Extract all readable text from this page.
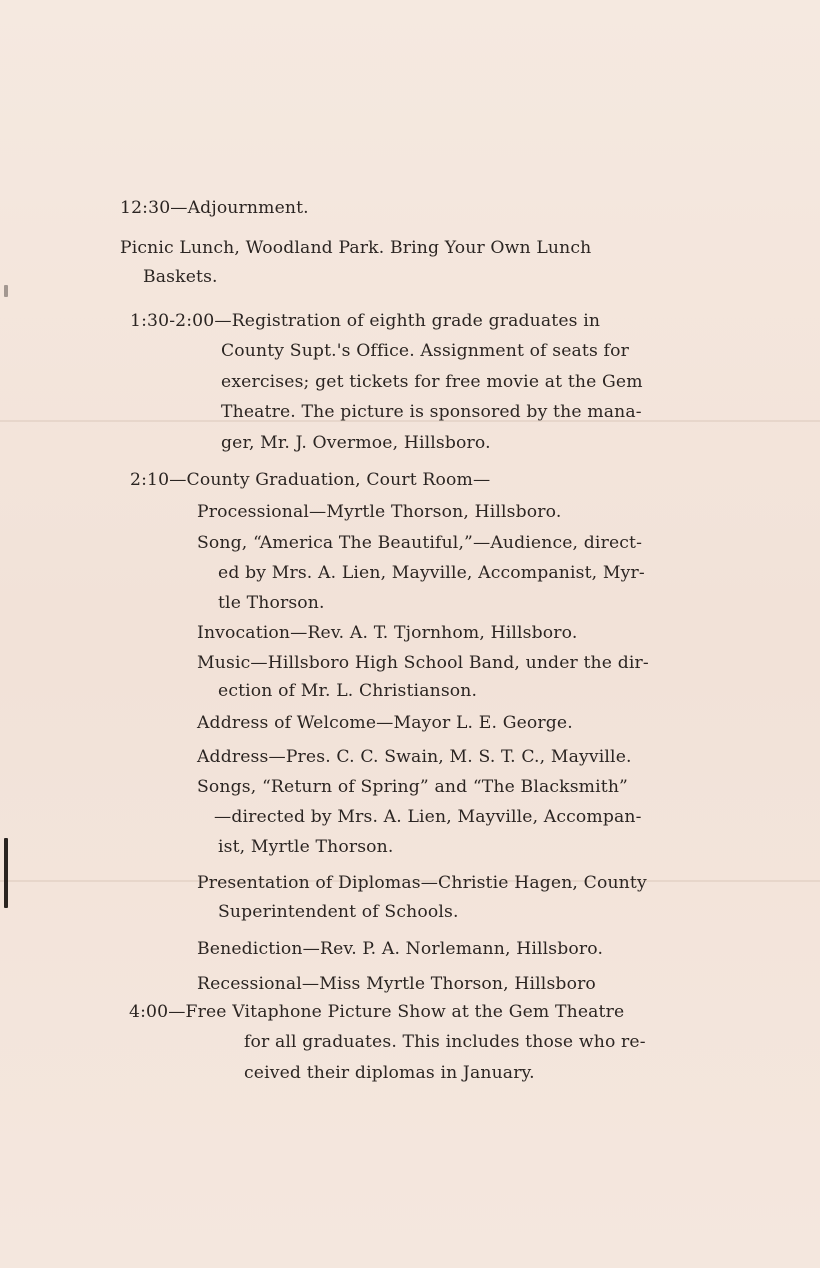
12:30—Adjournment.
Picnic Lunch, Woodland Park. Bring Your Own Lunch
Baskets.
1:30-2:00—Registration of eighth grade graduates in
County Supt.'s Office. Assignment of seats for
exercises; get tickets for free movie at the Gem
Theatre. The picture is sponsored by the mana-
ger, Mr. J. Overmoe, Hillsboro.
2:10—County Graduation, Court Room—
Processional—Myrtle Thorson, Hillsboro.
Song, “America The Beautiful,”—Audience, direct-
ed by Mrs. A. Lien, Mayville, Accompanist, Myr-
tle Thorson.
Invocation—Rev. A. T. Tjornhom, Hillsboro.
Music—Hillsboro High School Band, under the dir-
ection of Mr. L. Christianson.
Address of Welcome—Mayor L. E. George.
Address—Pres. C. C. Swain, M. S. T. C., Mayville.
Songs, “Return of Spring” and “The Blacksmith”
—directed by Mrs. A. Lien, Mayville, Accompan-
ist, Myrtle Thorson.
Presentation of Diplomas—Christie Hagen, County
Superintendent of Schools.
Benediction—Rev. P. A. Norlemann, Hillsboro.
Recessional—Miss Myrtle Thorson, Hillsboro
4:00—Free Vitaphone Picture Show at the Gem Theatre
for all graduates. This includes those who re-
ceived their diplomas in January.
